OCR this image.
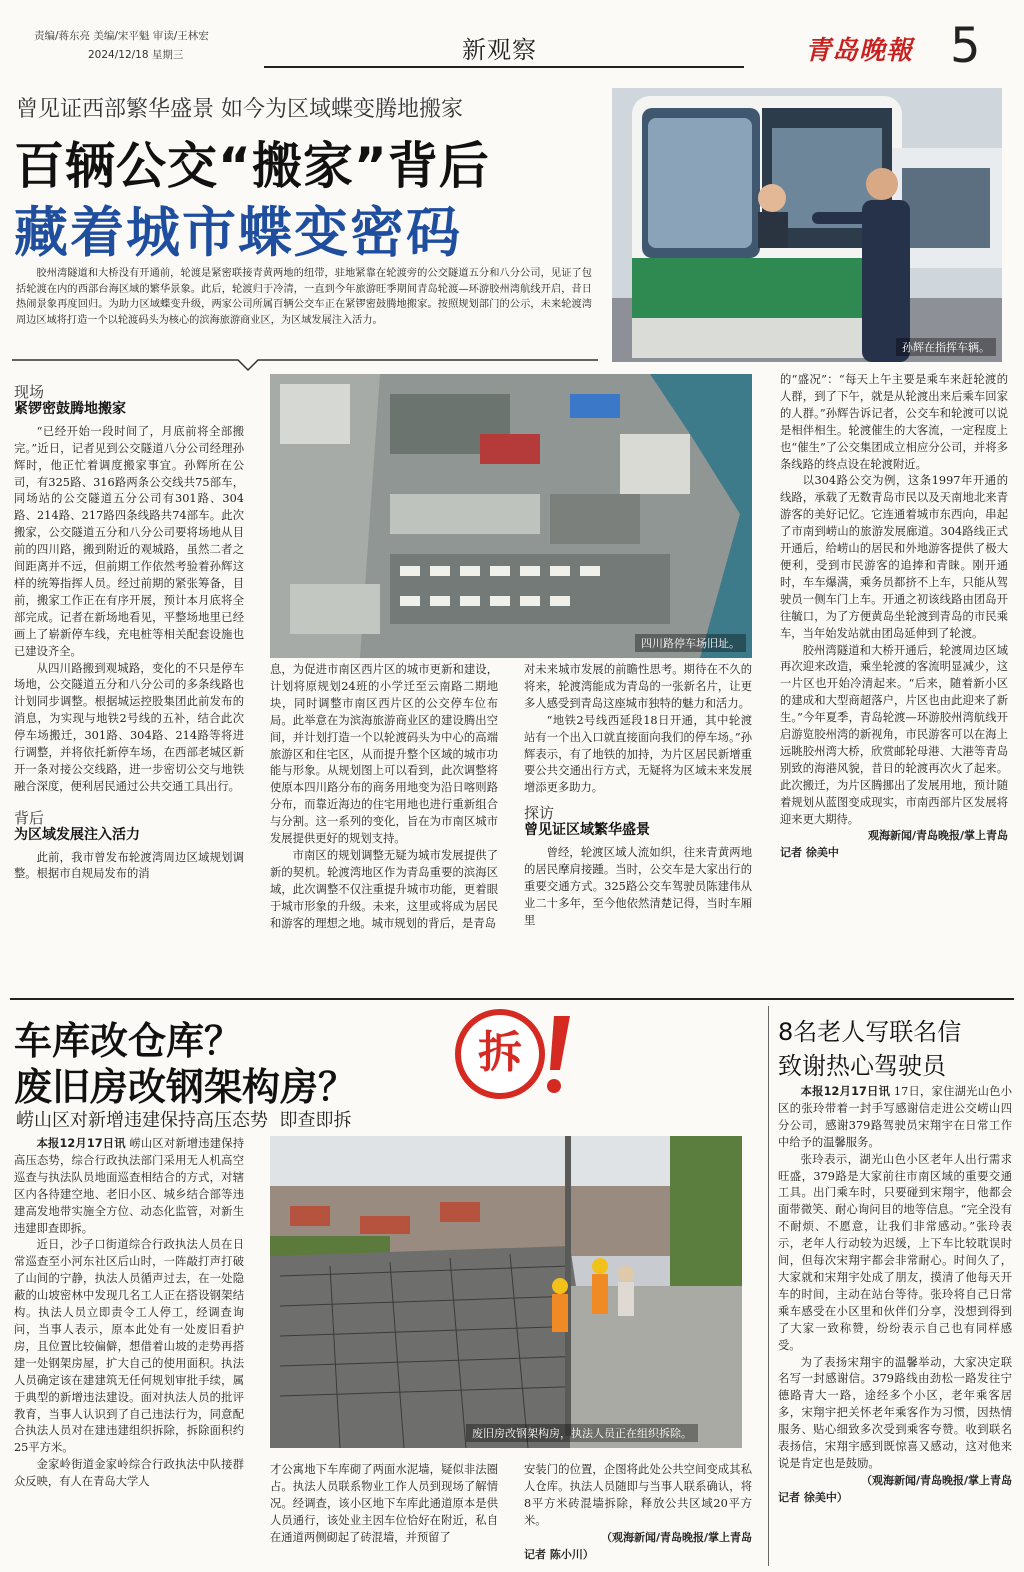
责编/蒋东亮 美编/宋平魁 审读/王林宏
2024/12/18 星期三	新观察	青岛晚報 5
曾见证西部繁华盛景 如今为区域蝶变腾地搬家
百辆公交“搬家”背后
藏着城市蝶变密码

胶州湾隧道和大桥没有开通前，轮渡是紧密联接青黄两地的纽带，驻地紧靠在轮渡旁的公交隧道五分和八分公司，见证了包括轮渡在内的西部台海区域的繁华景象。此后，轮渡归于冷清，一直到今年旅游旺季期间青岛轮渡—环游胶州湾航线开启，昔日热闹景象再度回归。为助力区域蝶变升级，两家公司所属百辆公交车正在紧锣密鼓腾地搬家。按照规划部门的公示，未来轮渡湾周边区域将打造一个以轮渡码头为核心的滨海旅游商业区，为区域发展注入活力。

孙辉在指挥车辆。
四川路停车场旧址。
现场
紧锣密鼓腾地搬家

“已经开始一段时间了，月底前将全部搬完。”近日，记者见到公交隧道八分公司经理孙辉时，他正忙着调度搬家事宜。孙辉所在公司，有325路、316路两条公交线共75部车，同场站的公交隧道五分公司有301路、304路、214路、217路四条线路共74部车。此次搬家，公交隧道五分和八分公司要将场地从目前的四川路，搬到附近的观城路，虽然二者之间距离并不远，但前期工作依然考验着孙辉这样的统筹指挥人员。经过前期的紧张筹备，目前，搬家工作正在有序开展，预计本月底将全部完成。记者在新场地看见，平整场地里已经画上了崭新停车线，充电桩等相关配套设施也已建设齐全。

从四川路搬到观城路，变化的不只是停车场地，公交隧道五分和八分公司的多条线路也计划同步调整。根据城运控股集团此前发布的消息，为实现与地铁2号线的五补，结合此次停车场搬迁，301路、304路、214路等将进行调整，并将依托新停车场，在西部老城区新开一条对接公交线路，进一步密切公交与地铁融合深度，便利居民通过公共交通工具出行。

背后
为区域发展注入活力

此前，我市曾发布轮渡湾周边区域规划调整。根据市自规局发布的消

息，为促进市南区西片区的城市更新和建设，计划将原规划24班的小学迁至云南路二期地块，同时调整市南区西片区的公交停车位布局。此举意在为滨海旅游商业区的建设腾出空间，并计划打造一个以轮渡码头为中心的高端旅游区和住宅区，从而提升整个区域的城市功能与形象。从规划图上可以看到，此次调整将使原本四川路分布的商务用地变为沿日喀则路分布，而靠近海边的住宅用地也进行重新组合与分割。这一系列的变化，旨在为市南区城市发展提供更好的规划支持。

市南区的规划调整无疑为城市发展提供了新的契机。轮渡湾地区作为青岛重要的滨海区域，此次调整不仅注重提升城市功能，更着眼于城市形象的升级。未来，这里或将成为居民和游客的理想之地。城市规划的背后，是青岛

对未来城市发展的前瞻性思考。期待在不久的将来，轮渡湾能成为青岛的一张新名片，让更多人感受到青岛这座城市独特的魅力和活力。

“地铁2号线西延段18日开通，其中轮渡站有一个出入口就直接面向我们的停车场。”孙辉表示，有了地铁的加持，为片区居民新增重要公共交通出行方式，无疑将为区域未来发展增添更多助力。

探访
曾见证区域繁华盛景

曾经，轮渡区域人流如织，往来青黄两地的居民摩肩接踵。当时，公交车是大家出行的重要交通方式。325路公交车驾驶员陈建伟从业二十多年，至今他依然清楚记得，当时车厢里

的“盛况”：“每天上午主要是乘车来赶轮渡的人群，到了下午，就是从轮渡出来后乘车回家的人群。”孙辉告诉记者，公交车和轮渡可以说是相伴相生。轮渡催生的大客流，一定程度上也“催生”了公交集团成立相应分公司，并将多条线路的终点设在轮渡附近。

以304路公交为例，这条1997年开通的线路，承载了无数青岛市民以及天南地北来青游客的美好记忆。它连通着城市东西向，串起了市南到崂山的旅游发展廊道。304路线正式开通后，给崂山的居民和外地游客提供了极大便利，受到市民游客的追捧和青睐。刚开通时，车车爆满，乘务员都挤不上车，只能从驾驶员一侧车门上车。开通之初该线路由团岛开往毓口，为了方便黄岛坐轮渡到青岛的市民乘车，当年始发站就由团岛延伸到了轮渡。

胶州湾隧道和大桥开通后，轮渡周边区域再次迎来改造，乘坐轮渡的客流明显减少，这一片区也开始冷清起来。“后来，随着新小区的建成和大型商超落户，片区也由此迎来了新生。”今年夏季，青岛轮渡—环游胶州湾航线开启游览胶州湾的新视角，市民游客可以在海上远眺胶州湾大桥，欣赏邮轮母港、大港等青岛别致的海港风貌，昔日的轮渡再次火了起来。此次搬迁，为片区腾挪出了发展用地，预计随着规划从蓝图变成现实，市南西部片区发展将迎来更大期待。

观海新闻/青岛晚报/掌上青岛
记者 徐美中
车库改仓库？
废旧房改钢架构房？
崂山区对新增违建保持高压态势  即查即拆
拆
废旧房改钢架构房，执法人员正在组织拆除。

本报12月17日讯 崂山区对新增违建保持高压态势，综合行政执法部门采用无人机高空巡查与执法队员地面巡查相结合的方式，对辖区内各待建空地、老旧小区、城乡结合部等违建高发地带实施全方位、动态化监管，对新生违建即查即拆。

近日，沙子口街道综合行政执法人员在日常巡查至小河东社区后山时，一阵敲打声打破了山间的宁静，执法人员循声过去，在一处隐蔽的山坡密林中发现几名工人正在搭设钢架结构。执法人员立即责令工人停工，经调查询问，当事人表示，原本此处有一处废旧看护房，且位置比较偏僻，想借着山坡的走势再搭建一处钢架房屋，扩大自己的使用面积。执法人员确定该在建建筑无任何规划审批手续，属于典型的新增违法建设。面对执法人员的批评教育，当事人认识到了自己违法行为，同意配合执法人员对在建违建组织拆除，拆除面积约25平方米。

金家岭街道金家岭综合行政执法中队接群众反映，有人在青岛大学人

才公寓地下车库砌了两面水泥墙，疑似非法圈占。执法人员联系物业工作人员到现场了解情况。经调查，该小区地下车库此通道原本是供人员通行，该处业主因车位恰好在附近，私自在通道两侧砌起了砖混墙，并预留了

安装门的位置，企图将此处公共空间变成其私人仓库。执法人员随即与当事人联系确认，将8平方米砖混墙拆除，释放公共区域20平方米。

（观海新闻/青岛晚报/掌上青岛
记者 陈小川）
8名老人写联名信
致谢热心驾驶员

本报12月17日讯 17日，家住湖光山色小区的张玲带着一封手写感谢信走进公交崂山四分公司，感谢379路驾驶员宋翔宇在日常工作中给予的温馨服务。

张玲表示，湖光山色小区老年人出行需求旺盛，379路是大家前往市南区域的重要交通工具。出门乘车时，只要碰到宋翔宇，他都会面带微笑、耐心询问目的地等信息。“完全没有不耐烦、不愿意，让我们非常感动。”张玲表示，老年人行动较为迟缓，上下车比较耽误时间，但每次宋翔宇都会非常耐心。时间久了，大家就和宋翔宇处成了朋友，摸清了他每天开车的时间，主动在站台等待。张玲将自己日常乘车感受在小区里和伙伴们分享，没想到得到了大家一致称赞，纷纷表示自己也有同样感受。

为了表扬宋翔宇的温馨举动，大家决定联名写一封感谢信。379路线由劲松一路发往宁德路青大一路，途经多个小区，老年乘客居多，宋翔宇把关怀老年乘客作为习惯，因热情服务、贴心细致多次受到乘客夸赞。收到联名表扬信，宋翔宇感到既惊喜又感动，这对他来说是肯定也是鼓励。

（观海新闻/青岛晚报/掌上青岛
记者 徐美中）
